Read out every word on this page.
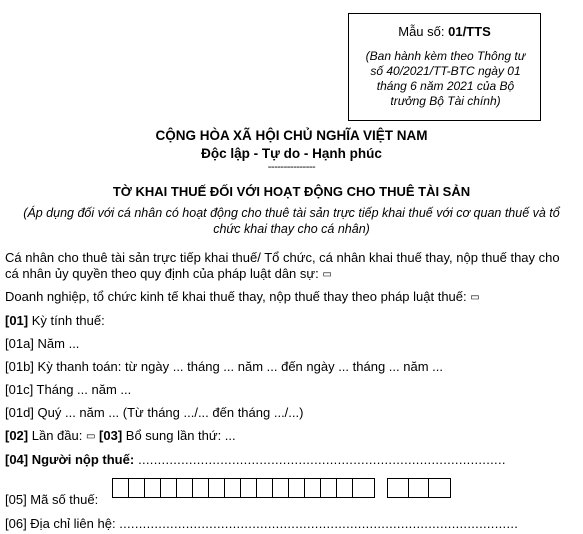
Mẫu số: 01/TTS
(Ban hành kèm theo Thông tư số 40/2021/TT-BTC ngày 01 tháng 6 năm 2021 của Bộ trưởng Bộ Tài chính)
CỘNG HÒA XÃ HỘI CHỦ NGHĨA VIỆT NAM
Độc lập - Tự do - Hạnh phúc
---------------
TỜ KHAI THUẾ ĐỐI VỚI HOẠT ĐỘNG CHO THUÊ TÀI SẢN
(Áp dụng đối với cá nhân có hoạt động cho thuê tài sản trực tiếp khai thuế với cơ quan thuế và tổ chức khai thay cho cá nhân)
Cá nhân cho thuê tài sản trực tiếp khai thuế/ Tổ chức, cá nhân khai thuế thay, nộp thuế thay cho cá nhân ủy quyền theo quy định của pháp luật dân sự: ▭
Doanh nghiệp, tổ chức kinh tế khai thuế thay, nộp thuế thay theo pháp luật thuế: ▭
[01] Kỳ tính thuế:
[01a] Năm ...
[01b] Kỳ thanh toán: từ ngày ... tháng ... năm ... đến ngày ... tháng ... năm ...
[01c] Tháng ... năm ...
[01d] Quý ... năm ... (Từ tháng .../... đến tháng .../...)
[02] Lần đầu: ▭ [03] Bổ sung lần thứ: ...
[04] Người nộp thuế: ..............................................................................................
[05] Mã số thuế:
[06] Địa chỉ liên hệ: ......................................................................................................
